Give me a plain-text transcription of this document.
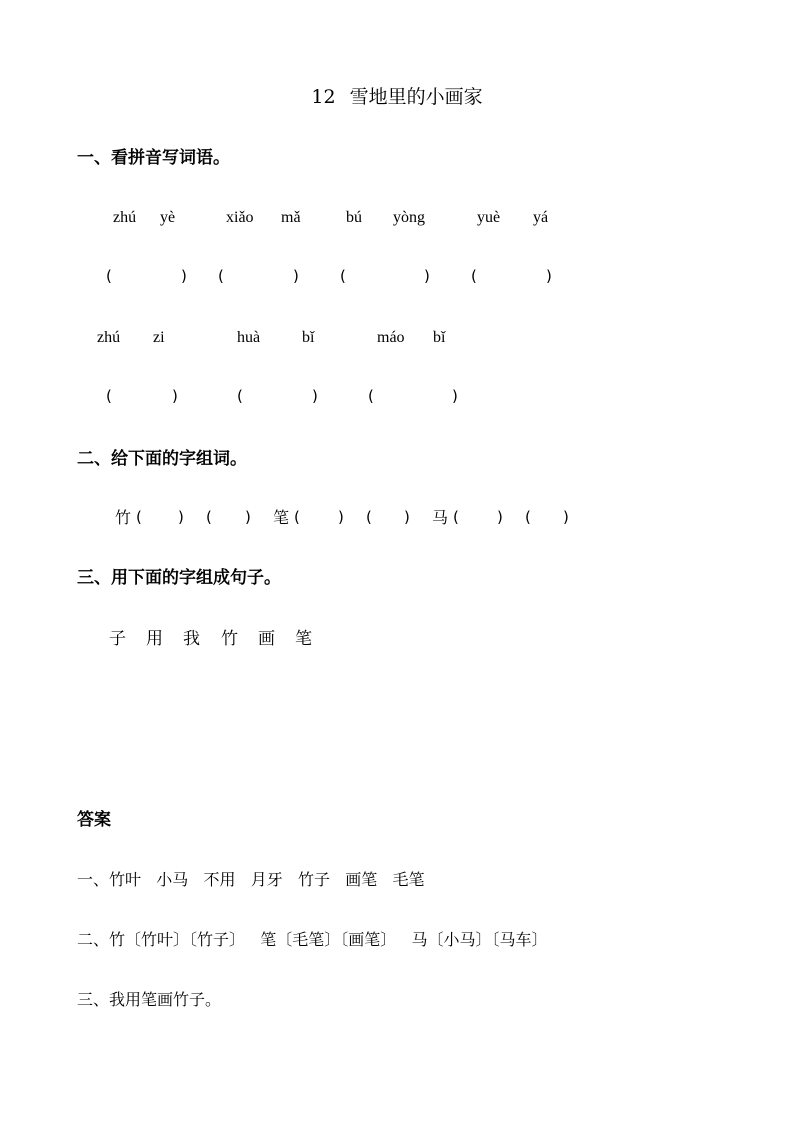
12 雪地里的小画家
一、看拼音写词语。
zhú yè	xiǎo mǎ	bú yòng	yuè yá
(	) (	)	(	)	(	)
zhú zi	huà	bǐ	máo bǐ
(	)	(	)	(	)
二、给下面的字组词。
竹 ( ) ( ) 笔 (	) ( ) 马 (	) ( )
三、用下面的字组成句子。
子 用 我 竹 画 笔
答案
一、竹叶   小马   不用   月牙   竹子   画笔   毛笔
二、竹〔竹叶〕〔竹子〕   笔〔毛笔〕〔画笔〕   马〔小马〕〔马车〕
三、我用笔画竹子。
